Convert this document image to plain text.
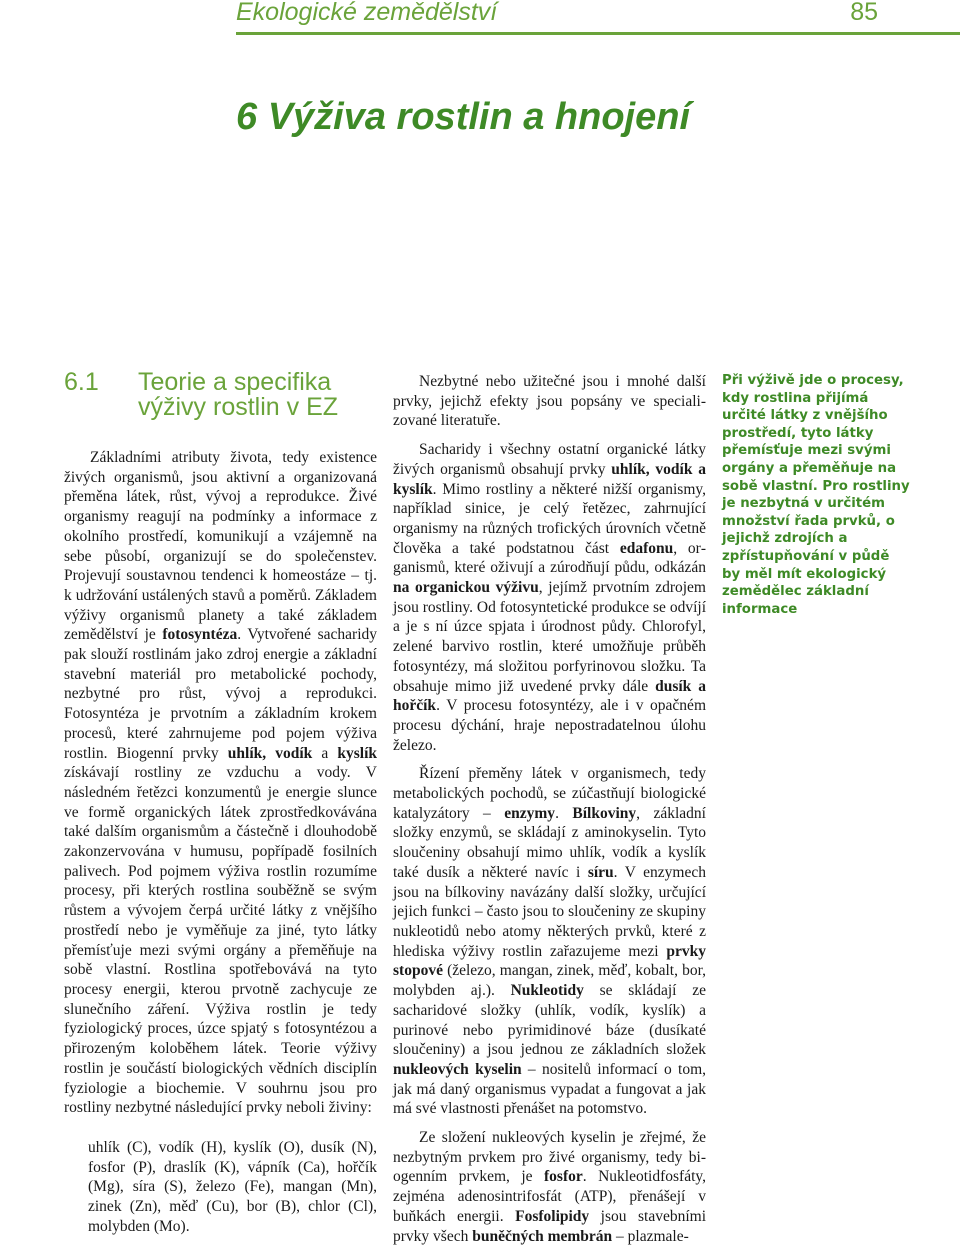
Ekologické zemědělství	85
6 Výživa rostlin a hnojení
6.1 Teorie a specifika
výživy rostlin v EZ

Základními atributy života, tedy existence živých organismů, jsou aktivní a organizovaná přeměna látek, růst, vývoj a reprodukce. Živé organismy reagují na podmínky a informace z okolního prostředí, komunikují a vzájemně na sebe působí, organizují se do společenstev. Projevují soustavnou tendenci k homeostáze – tj. k udržování ustálených stavů a poměrů. Základem výživy organismů planety a také základem zemědělství je fotosyntéza. Vytvořené sacharidy pak slouží rostlinám jako zdroj energie a základní stavební materiál pro metabolické pochody, nezbytné pro růst, vývoj a reprodukci. Fotosyntéza je prvotním a základním krokem procesů, které zahrnujeme pod pojem výživa rostlin. Biogenní prvky uhlík, vodík a kyslík získávají rostliny ze vzduchu a vody. V následném řetězci konzumentů je energie slunce ve formě organických látek zprostředkovávána také dalším organismům a částečně i dlouhodobě zakonzervována v humusu, popřípadě fosilních palivech. Pod pojmem výživa rostlin rozumíme procesy, při kterých rostlina souběžně se svým růstem a vývojem čerpá určité látky z vnějšího prostředí nebo je vyměňuje za jiné, tyto látky přemísťuje mezi svými orgány a přeměňuje na sobě vlastní. Rostlina spotřebovává na tyto procesy energii, kterou prvotně zachycuje ze slunečního záření. Výživa rostlin je tedy fyziologický proces, úzce spjatý s fotosyntézou a přirozeným koloběhem látek. Teorie výživy rostlin je součástí biologických vědních disciplín fyziologie a biochemie. V souhrnu jsou pro rostliny nezbytné následující prvky neboli živiny:

uhlík (C), vodík (H), kyslík (O), dusík (N), fosfor (P), draslík (K), vápník (Ca), hořčík (Mg), síra (S), železo (Fe), mangan (Mn), zinek (Zn), měď (Cu), bor (B), chlor (Cl), molybden (Mo).

Nezbytné nebo užitečné jsou i mnohé další prvky, jejichž efekty jsou popsány ve specializované literatuře.

Sacharidy i všechny ostatní organické látky živých organismů obsahují prvky uhlík, vodík a kyslík. Mimo rostliny a některé nižší organismy, například sinice, je celý řetězec, zahrnující organismy na různých trofických úrovních včetně člověka a také podstatnou část edafonu, organismů, které oživují a zúrodňují půdu, odkázán na organickou výživu, jejímž prvotním zdrojem jsou rostliny. Od fotosyntetické produkce se odvíjí a je s ní úzce spjata i úrodnost půdy. Chlorofyl, zelené barvivo rostlin, které umožňuje průběh fotosyntézy, má složitou porfyrinovou složku. Ta obsahuje mimo již uvedené prvky dále dusík a hořčík. V procesu fotosyntézy, ale i v opačném procesu dýchání, hraje nepostradatelnou úlohu železo.

Řízení přeměny látek v organismech, tedy metabolických pochodů, se zúčastňují biologické katalyzátory – enzymy. Bílkoviny, základní složky enzymů, se skládají z aminokyselin. Tyto sloučeniny obsahují mimo uhlík, vodík a kyslík také dusík a některé navíc i síru. V enzymech jsou na bílkoviny navázány další složky, určující jejich funkci – často jsou to sloučeniny ze skupiny nukleotidů nebo atomy některých prvků, které z hlediska výživy rostlin zařazujeme mezi prvky stopové (železo, mangan, zinek, měď, kobalt, bor, molybden aj.). Nukleotidy se skládají ze sacharidové složky (uhlík, vodík, kyslík) a purinové nebo pyrimidinové báze (dusíkaté sloučeniny) a jsou jednou ze základních složek nukleových kyselin – nositelů informací o tom, jak má daný organismus vypadat a fungovat a jak má své vlastnosti přenášet na potomstvo.

Ze složení nukleových kyselin je zřejmé, že nezbytným prvkem pro živé organismy, tedy biogenním prvkem, je fosfor. Nukleotidfosfáty, zejména adenosintrifosfát (ATP), přenášejí v buňkách energii. Fosfolipidy jsou stavebními prvky všech buněčných membrán – plazmale-

Při výživě jde o procesy, kdy rostlina přijímá určité látky z vnějšího prostředí, tyto látky přemísťuje mezi svými orgány a přeměňuje na sobě vlastní. Pro rostliny je nezbytná v určitém množství řada prvků, o jejichž zdrojích a zpřístupňování v půdě by měl mít ekologický zemědělec základní informace
